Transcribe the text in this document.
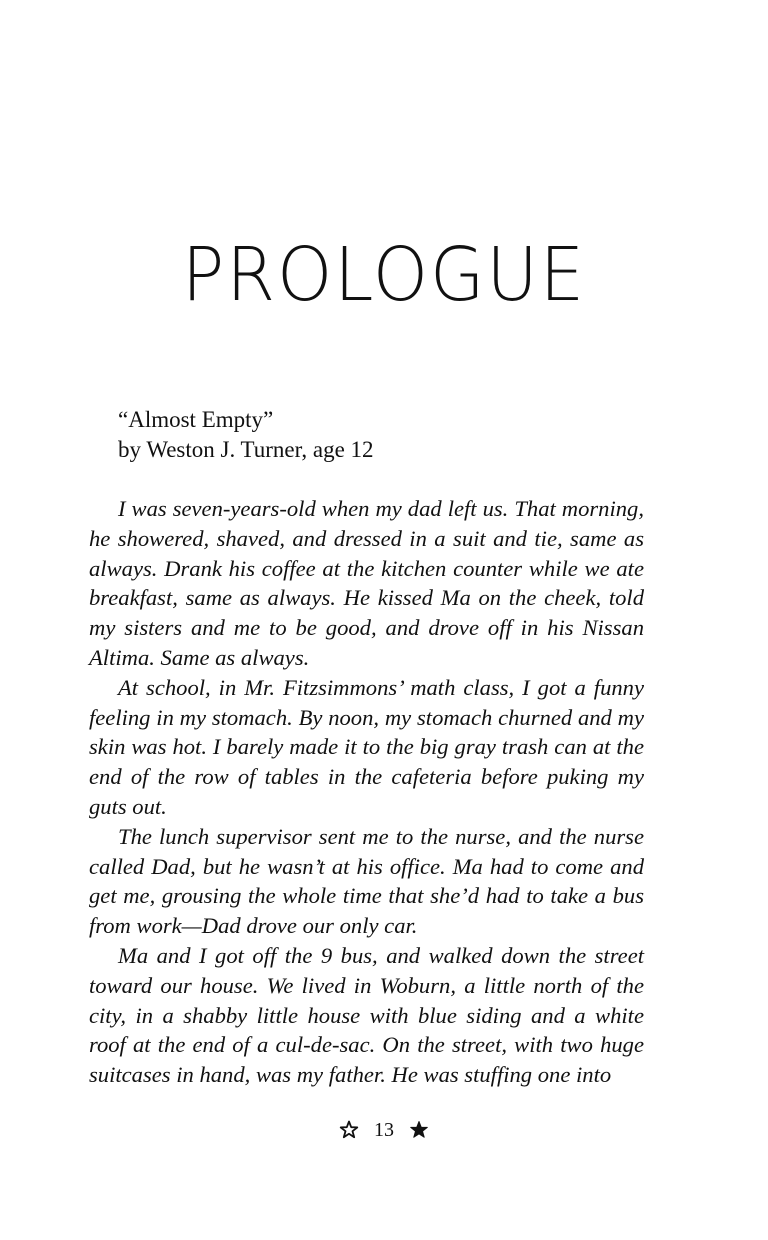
PROLOGUE
“Almost Empty”
by Weston J. Turner, age 12

I was seven-years-old when my dad left us. That morning, he showered, shaved, and dressed in a suit and tie, same as always. Drank his coffee at the kitchen counter while we ate breakfast, same as always. He kissed Ma on the cheek, told my sisters and me to be good, and drove off in his Nissan Altima. Same as always.

At school, in Mr. Fitzsimmons’ math class, I got a funny feeling in my stomach. By noon, my stomach churned and my skin was hot. I barely made it to the big gray trash can at the end of the row of tables in the cafeteria before puking my guts out.

The lunch supervisor sent me to the nurse, and the nurse called Dad, but he wasn’t at his office. Ma had to come and get me, grousing the whole time that she’d had to take a bus from work—Dad drove our only car.

Ma and I got off the 9 bus, and walked down the street toward our house. We lived in Woburn, a little north of the city, in a shabby little house with blue siding and a white roof at the end of a cul-de-sac. On the street, with two huge suitcases in hand, was my father. He was stuffing one into

13
